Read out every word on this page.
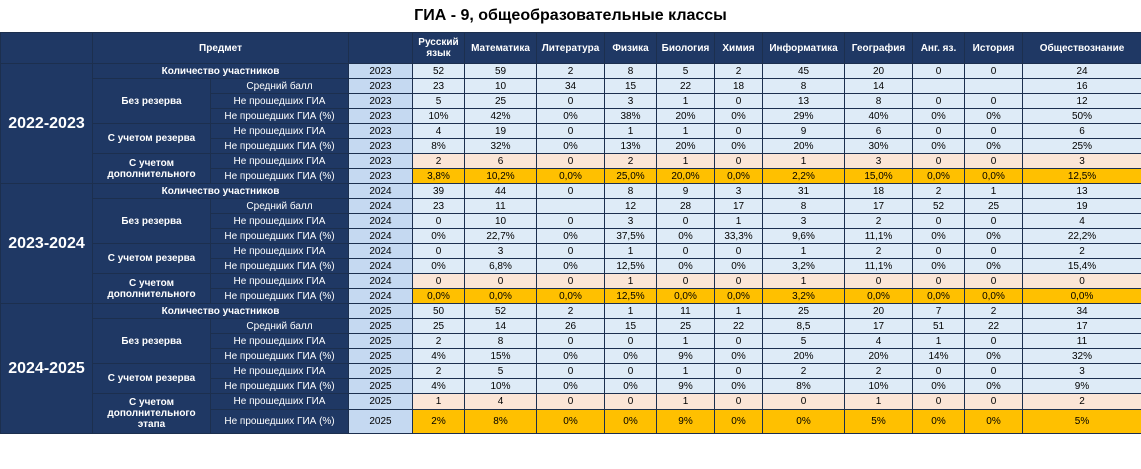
ГИА - 9, общеобразовательные классы
	Предмет			Русский язык	Математика	Литература	Физика	Биология	Химия	Информатика	География	Анг. яз.	История	Обществознание
2022-2023	Количество участников		2023	52	59	2	8	5	2	45	20	0	0	24
	Без резерва	Средний балл	2023	23	10	34	15	22	18	8	14			16
		Не прошедших ГИА	2023	5	25	0	3	1	0	13	8	0	0	12
		Не прошедших ГИА (%)	2023	10%	42%	0%	38%	20%	0%	29%	40%	0%	0%	50%
	С учетом резерва	Не прошедших ГИА	2023	4	19	0	1	1	0	9	6	0	0	6
		Не прошедших ГИА (%)	2023	8%	32%	0%	13%	20%	0%	20%	30%	0%	0%	25%
	С учетом дополнительного	Не прошедших ГИА	2023	2	6	0	2	1	0	1	3	0	0	3
		Не прошедших ГИА (%)	2023	3,8%	10,2%	0,0%	25,0%	20,0%	0,0%	2,2%	15,0%	0,0%	0,0%	12,5%
2023-2024	Количество участников		2024	39	44	0	8	9	3	31	18	2	1	13
	Без резерва	Средний балл	2024	23	11		12	28	17	8	17	52	25	19
		Не прошедших ГИА	2024	0	10	0	3	0	1	3	2	0	0	4
		Не прошедших ГИА (%)	2024	0%	22,7%	0%	37,5%	0%	33,3%	9,6%	11,1%	0%	0%	22,2%
	С учетом резерва	Не прошедших ГИА	2024	0	3	0	1	0	0	1	2	0	0	2
		Не прошедших ГИА (%)	2024	0%	6,8%	0%	12,5%	0%	0%	3,2%	11,1%	0%	0%	15,4%
	С учетом дополнительного	Не прошедших ГИА	2024	0	0	0	1	0	0	1	0	0	0	0
		Не прошедших ГИА (%)	2024	0,0%	0,0%	0,0%	12,5%	0,0%	0,0%	3,2%	0,0%	0,0%	0,0%	0,0%
2024-2025	Количество участников		2025	50	52	2	1	11	1	25	20	7	2	34
	Без резерва	Средний балл	2025	25	14	26	15	25	22	8,5	17	51	22	17
		Не прошедших ГИА	2025	2	8	0	0	1	0	5	4	1	0	11
		Не прошедших ГИА (%)	2025	4%	15%	0%	0%	9%	0%	20%	20%	14%	0%	32%
	С учетом резерва	Не прошедших ГИА	2025	2	5	0	0	1	0	2	2	0	0	3
		Не прошедших ГИА (%)	2025	4%	10%	0%	0%	9%	0%	8%	10%	0%	0%	9%
	С учетом дополнительного этапа	Не прошедших ГИА	2025	1	4	0	0	1	0	0	1	0	0	2
		Не прошедших ГИА (%)	2025	2%	8%	0%	0%	9%	0%	0%	5%	0%	0%	5%
